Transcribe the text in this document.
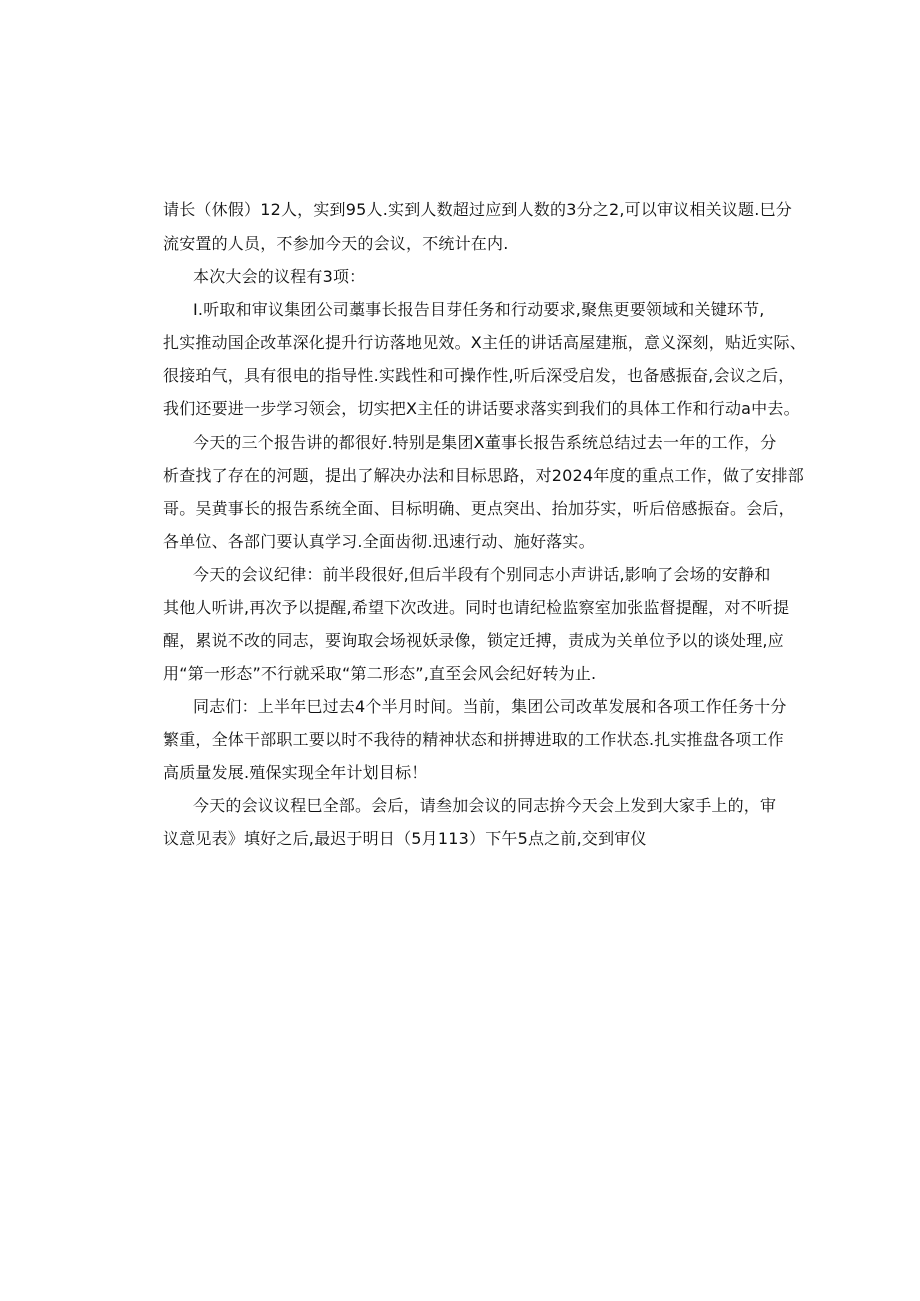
请长（休假）12人，实到95人.实到人数超过应到人数的3分之2,可以审议相关议题.巳分
流安置的人员，不参加今天的会议，不统计在内.
本次大会的议程有3项：
I.听取和审议集团公司藁事长报告目芽任务和行动要求,聚焦更要领域和关键环节,
扎实推动国企改革深化提升行访落地见效。X主任的讲话高屋建瓶，意义深刻，贴近实际、
很接珀气，具有很电的指导性.实践性和可操作性,听后深受启发，也备感振奋,会议之后，
我们还要进一步学习领会，切实把X主任的讲话要求落实到我们的具体工作和行动a中去。
今天的三个报告讲的都很好.特别是集团X董事长报告系统总结过去一年的工作，分
析查找了存在的河题，提出了解决办法和目标思路，对2024年度的重点工作，做了安排部
哥。吴黄事长的报告系统全面、目标明确、更点突出、抬加芬实，听后倍感振奋。会后，
各单位、各部门要认真学习.全面齿彻.迅速行动、施好落实。
今天的会议纪律：前半段很好,但后半段有个别同志小声讲话,影响了会场的安静和
其他人听讲,再次予以提醒,希望下次改进。同时也请纪检监察室加张监督提醒，对不听提
醒，累说不改的同志，要询取会场视妖录像，锁定迁搏，责成为关单位予以的谈处理,应
用“第一形态”不行就采取“第二形态”,直至会风会纪好转为止.
同志们：上半年巳过去4个半月时间。当前，集团公司改革发展和各项工作任务十分
繁重，全体干部职工要以时不我待的精神状态和拼搏进取的工作状态.扎实推盘各项工作
高质量发展.殖保实现全年计划目标！
今天的会议议程巳全部。会后，请叁加会议的同志拚今天会上发到大家手上的，审
议意见表》填好之后,最迟于明日（5月113）下午5点之前,交到审仪
